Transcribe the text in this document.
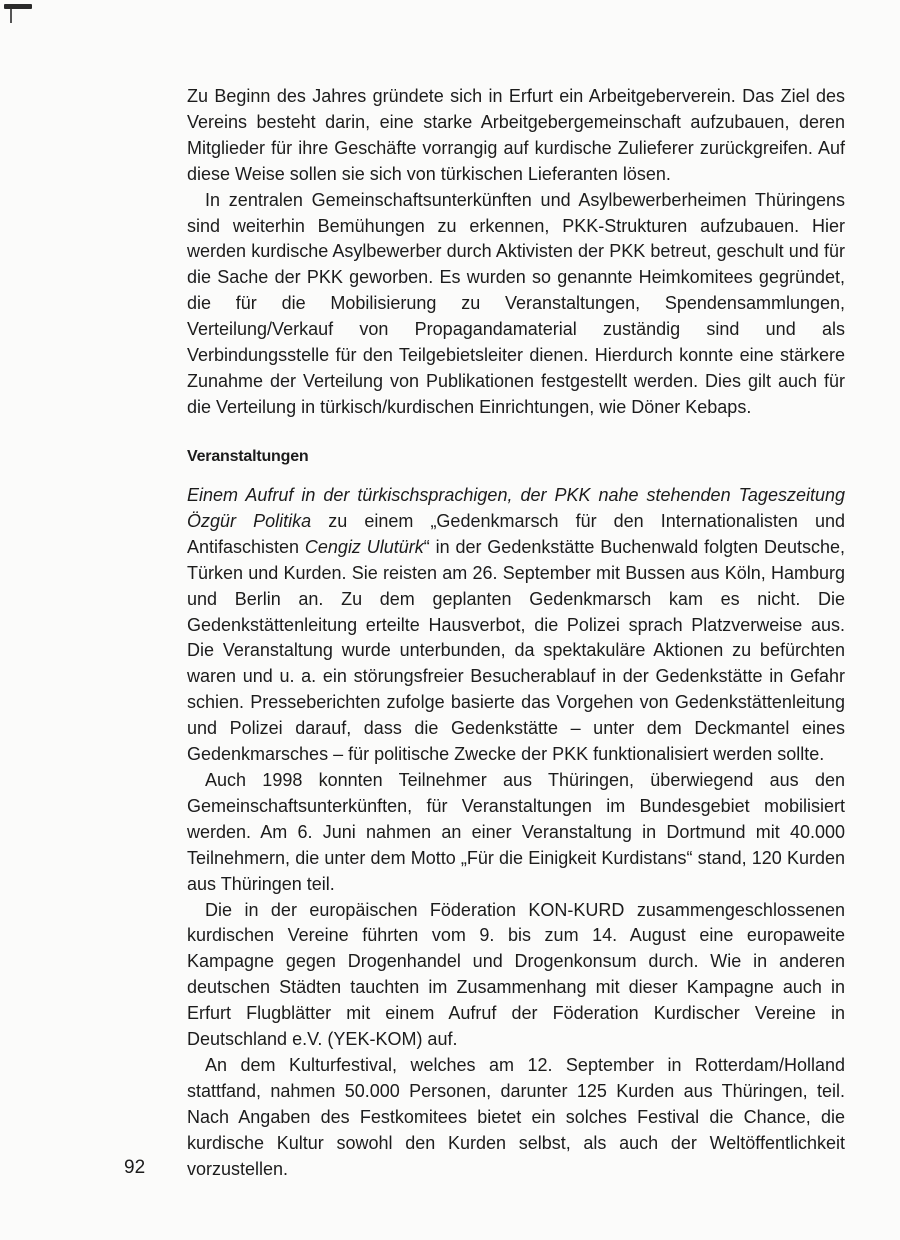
Zu Beginn des Jahres gründete sich in Erfurt ein Arbeitgeberverein. Das Ziel des Vereins besteht darin, eine starke Arbeitgebergemeinschaft aufzubauen, deren Mitglieder für ihre Geschäfte vorrangig auf kurdische Zulieferer zurückgreifen. Auf diese Weise sollen sie sich von türkischen Lieferanten lösen.

In zentralen Gemeinschaftsunterkünften und Asylbewerberheimen Thüringens sind weiterhin Bemühungen zu erkennen, PKK-Strukturen aufzubauen. Hier werden kurdische Asylbewerber durch Aktivisten der PKK betreut, geschult und für die Sache der PKK geworben. Es wurden so genannte Heimkomitees gegründet, die für die Mobilisierung zu Veranstaltungen, Spendensammlungen, Verteilung/Verkauf von Propagandamaterial zuständig sind und als Verbindungsstelle für den Teilgebietsleiter dienen. Hierdurch konnte eine stärkere Zunahme der Verteilung von Publikationen festgestellt werden. Dies gilt auch für die Verteilung in türkisch/kurdischen Einrichtungen, wie Döner Kebaps.

Veranstaltungen

Einem Aufruf in der türkischsprachigen, der PKK nahe stehenden Tageszeitung Özgür Politika zu einem „Gedenkmarsch für den Internationalisten und Antifaschisten Cengiz Ulutürk“ in der Gedenkstätte Buchenwald folgten Deutsche, Türken und Kurden. Sie reisten am 26. September mit Bussen aus Köln, Hamburg und Berlin an. Zu dem geplanten Gedenkmarsch kam es nicht. Die Gedenkstättenleitung erteilte Hausverbot, die Polizei sprach Platzverweise aus. Die Veranstaltung wurde unterbunden, da spektakuläre Aktionen zu befürchten waren und u. a. ein störungsfreier Besucherablauf in der Gedenkstätte in Gefahr schien. Presseberichten zufolge basierte das Vorgehen von Gedenkstättenleitung und Polizei darauf, dass die Gedenkstätte – unter dem Deckmantel eines Gedenkmarsches – für politische Zwecke der PKK funktionalisiert werden sollte.

Auch 1998 konnten Teilnehmer aus Thüringen, überwiegend aus den Gemeinschaftsunterkünften, für Veranstaltungen im Bundesgebiet mobilisiert werden. Am 6. Juni nahmen an einer Veranstaltung in Dortmund mit 40.000 Teilnehmern, die unter dem Motto „Für die Einigkeit Kurdistans“ stand, 120 Kurden aus Thüringen teil.

Die in der europäischen Föderation KON-KURD zusammengeschlossenen kurdischen Vereine führten vom 9. bis zum 14. August eine europaweite Kampagne gegen Drogenhandel und Drogenkonsum durch. Wie in anderen deutschen Städten tauchten im Zusammenhang mit dieser Kampagne auch in Erfurt Flugblätter mit einem Aufruf der Föderation Kurdischer Vereine in Deutschland e.V. (YEK-KOM) auf.

An dem Kulturfestival, welches am 12. September in Rotterdam/Holland stattfand, nahmen 50.000 Personen, darunter 125 Kurden aus Thüringen, teil. Nach Angaben des Festkomitees bietet ein solches Festival die Chance, die kurdische Kultur sowohl den Kurden selbst, als auch der Weltöffentlichkeit vorzustellen.

92
